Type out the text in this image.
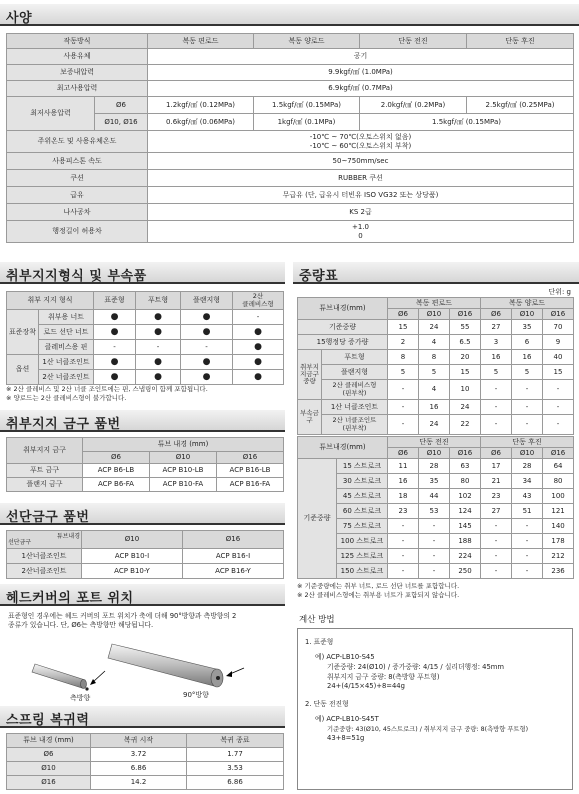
사양
작동방식		복동 편로드	복동 양로드	단동 전진	단동 후진
사용유체		공기			
보증내압력		9.9kgf/㎠ (1.0MPa)			
최고사용압력		6.9kgf/㎠ (0.7MPa)			
최저사용압력	Ø6	1.2kgf/㎠ (0.12MPa)	1.5kgf/㎠ (0.15MPa)	2.0kgf/㎠ (0.2MPa)	2.5kgf/㎠ (0.25MPa)
	Ø10, Ø16	0.6kgf/㎠ (0.06MPa)	1kgf/㎠ (0.1MPa)	1.5kgf/㎠ (0.15MPa)	
주위온도 및 사용유체온도		-10℃ ~ 70℃(오토스위치 없음)
-10℃ ~ 60℃(오토스위치 부착)			
사용피스톤 속도		50~750mm/sec			
쿠션		RUBBER 쿠션			
급유		무급유 (단, 급유시 터빈유 ISO VG32 또는 상당품)			
나사공차		KS 2급			
행정길이 허용차		+1.0
0			
취부지지형식 및 부속품
취부 지지 형식		표준형	푸트형	플랜지형	2산
클레비스형
표준장착	취부용 너트	●	●	●	-
	로드 선단 너트	●	●	●	●
	클레비스용 핀	-	-	-	●
옵션	1산 너클조인트	●	●	●	●
	2산 너클조인트	●	●	●	●
※ 2산 클레비스 및 2산 너클 조인트에는 핀, 스냅링이 함께 포함됩니다.
※ 양로드는 2산 클레비스형이 불가합니다.
취부지지 금구 품번
취부지지 금구	튜브 내경 (mm)		
	Ø6	Ø10	Ø16
푸트 금구	ACP B6-LB	ACP B10-LB	ACP B16-LB
플랜지 금구	ACP B6-FA	ACP B10-FA	ACP B16-FA
선단금구 품번
튜브내경

선단금구	Ø10	Ø16
1산너클조인트	ACP B10-I	ACP B16-I
2산너클조인트	ACP B10-Y	ACP B16-Y
헤드커버의 포트 위치
표준형인 경우에는 헤드 커버의 포트 위치가 축에 더해 90°방향과 측방향의 2
종류가 있습니다. 단, Ø6는 측방향만 해당됩니다.
측방향	90°방향
스프링 복귀력
튜브 내경 (mm)	복귀 시작	복귀 종료
Ø6	3.72	1.77
Ø10	6.86	3.53
Ø16	14.2	6.86
중량표
단위: g
튜브내경(mm)		복동 편로드			복동 양로드		
		Ø6	Ø10	Ø16	Ø6	Ø10	Ø16
기준중량		15	24	55	27	35	70
15행정당 증가량		2	4	6.5	3	6	9
취부지지금구중량	푸트형	8	8	20	16	16	40
	플랜지형	5	5	15	5	5	15
	2산 클레비스형
(핀부착)	-	4	10	-	-	-
부속금구	1산 너클조인트	-	16	24	-	-	-
	2산 너클조인트
(핀부착)	-	24	22	-	-	-
튜브내경(mm)		단동 전진			단동 후진		
		Ø6	Ø10	Ø16	Ø6	Ø10	Ø16
기준중량	15 스트로크	11	28	63	17	28	64
	30 스트로크	16	35	80	21	34	80
	45 스트로크	18	44	102	23	43	100
	60 스트로크	23	53	124	27	51	121
	75 스트로크	-	-	145	-	-	140
	100 스트로크	-	-	188	-	-	178
	125 스트로크	-	-	224	-	-	212
	150 스트로크	-	-	250	-	-	236
※ 기준중량에는 취부 너트, 로드 선단 너트를 포함합니다.
※ 2산 클레비스형에는 취부용 너트가 포함되지 않습니다.
계산 방법
1. 표준형
예) ACP-LB10-S45
기준중량: 24(Ø10) / 증가중량: 4/15 / 실리더행정: 45mm
취부지지 금구 중량: 8(측방향 푸트형)
24+(4/15×45)+8=44g
2. 단동 전진형
예) ACP-LB10-S45T
기준중량: 43(Ø10, 45스트로크) / 취부지지 금구 중량: 8(측방향 푸트형)
43+8=51g
